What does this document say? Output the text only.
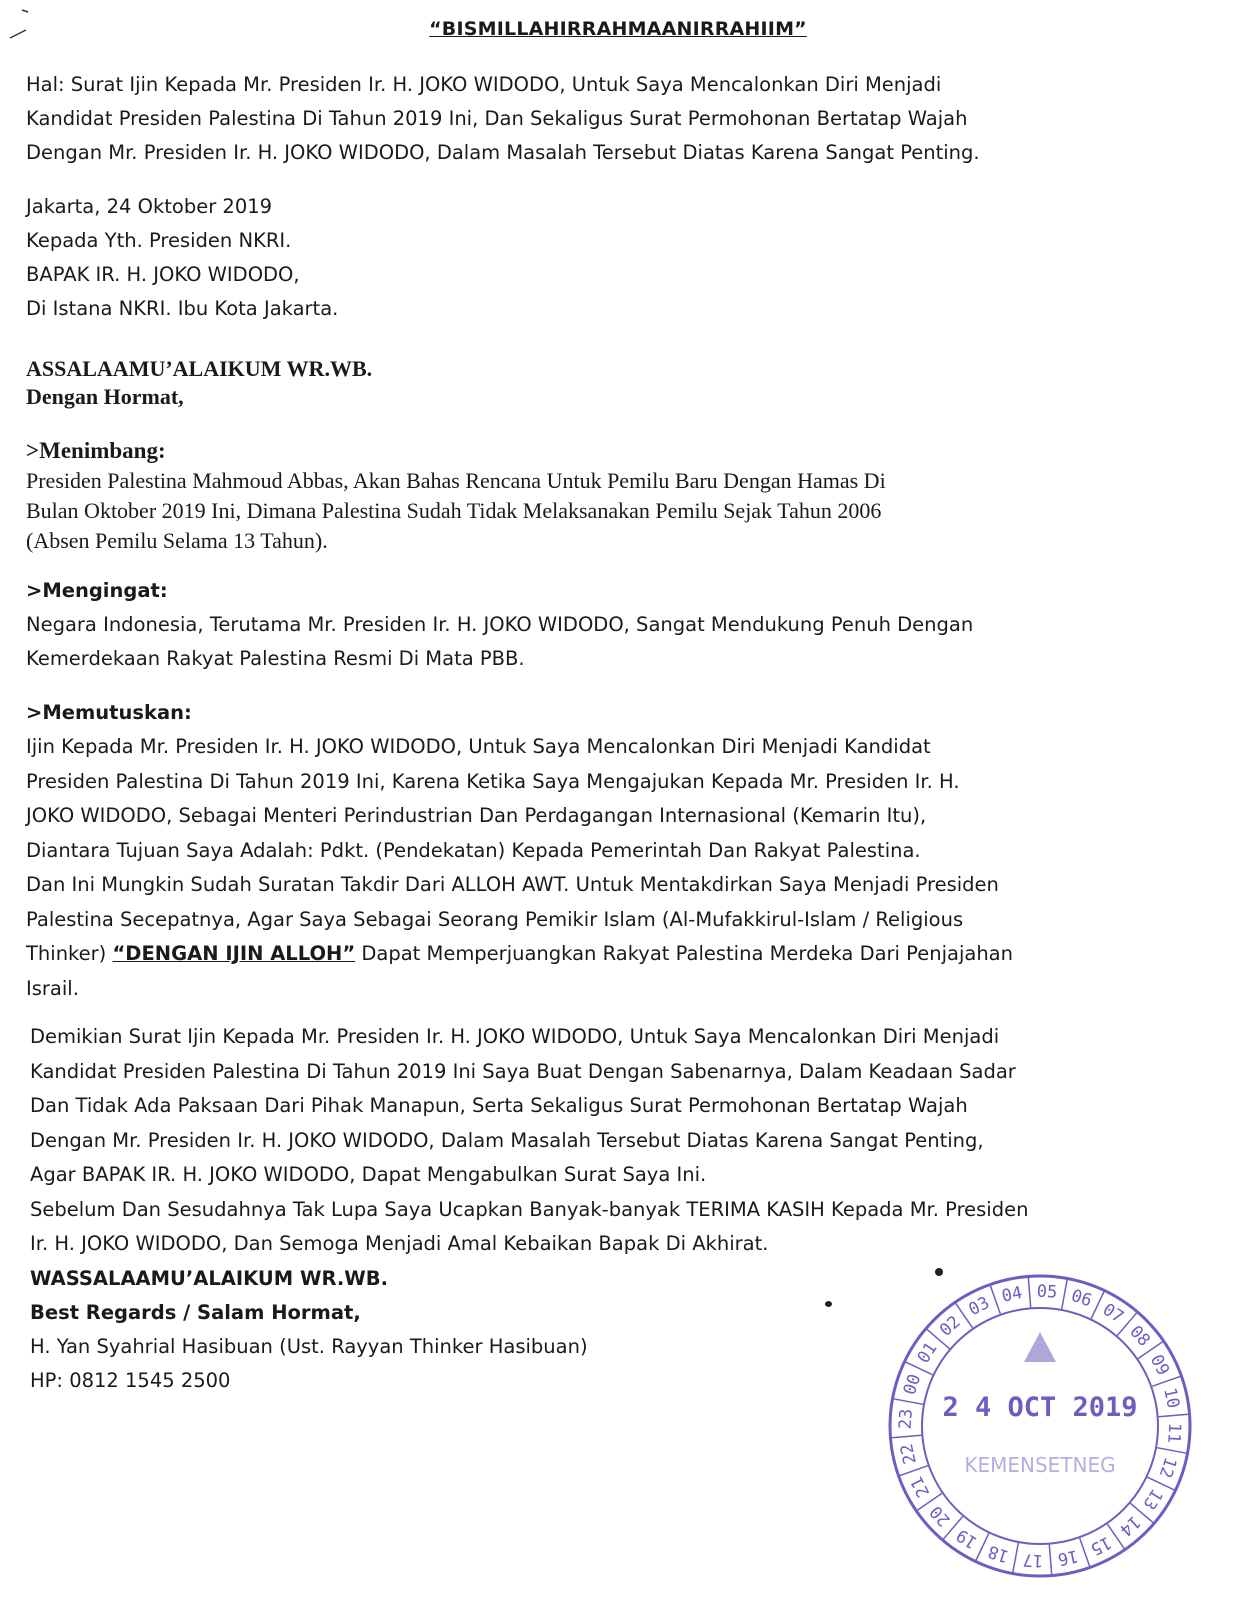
“BISMILLAHIRRAHMAANIRRAHIIM”
Hal: Surat Ijin Kepada Mr. Presiden Ir. H. JOKO WIDODO, Untuk Saya Mencalonkan Diri Menjadi
Kandidat Presiden Palestina Di Tahun 2019 Ini, Dan Sekaligus Surat Permohonan Bertatap Wajah
Dengan Mr. Presiden Ir. H. JOKO WIDODO, Dalam Masalah Tersebut Diatas Karena Sangat Penting.
Jakarta, 24 Oktober 2019
Kepada Yth. Presiden NKRI.
BAPAK IR. H. JOKO WIDODO,
Di Istana NKRI. Ibu Kota Jakarta.
ASSALAAMU’ALAIKUM WR.WB.
Dengan Hormat,
>Menimbang:
Presiden Palestina Mahmoud Abbas, Akan Bahas Rencana Untuk Pemilu Baru Dengan Hamas Di
Bulan Oktober 2019 Ini, Dimana Palestina Sudah Tidak Melaksanakan Pemilu Sejak Tahun 2006
(Absen Pemilu Selama 13 Tahun).
>Mengingat:
Negara Indonesia, Terutama Mr. Presiden Ir. H. JOKO WIDODO, Sangat Mendukung Penuh Dengan
Kemerdekaan Rakyat Palestina Resmi Di Mata PBB.
>Memutuskan:
Ijin Kepada Mr. Presiden Ir. H. JOKO WIDODO, Untuk Saya Mencalonkan Diri Menjadi Kandidat
Presiden Palestina Di Tahun 2019 Ini, Karena Ketika Saya Mengajukan Kepada Mr. Presiden Ir. H.
JOKO WIDODO, Sebagai Menteri Perindustrian Dan Perdagangan Internasional (Kemarin Itu),
Diantara Tujuan Saya Adalah: Pdkt. (Pendekatan) Kepada Pemerintah Dan Rakyat Palestina.
Dan Ini Mungkin Sudah Suratan Takdir Dari ALLOH AWT. Untuk Mentakdirkan Saya Menjadi Presiden
Palestina Secepatnya, Agar Saya Sebagai Seorang Pemikir Islam (Al-Mufakkirul-Islam / Religious
Thinker) “DENGAN IJIN ALLOH” Dapat Memperjuangkan Rakyat Palestina Merdeka Dari Penjajahan
Israil.
Demikian Surat Ijin Kepada Mr. Presiden Ir. H. JOKO WIDODO, Untuk Saya Mencalonkan Diri Menjadi
Kandidat Presiden Palestina Di Tahun 2019 Ini Saya Buat Dengan Sabenarnya, Dalam Keadaan Sadar
Dan Tidak Ada Paksaan Dari Pihak Manapun, Serta Sekaligus Surat Permohonan Bertatap Wajah
Dengan Mr. Presiden Ir. H. JOKO WIDODO, Dalam Masalah Tersebut Diatas Karena Sangat Penting,
Agar BAPAK IR. H. JOKO WIDODO, Dapat Mengabulkan Surat Saya Ini.
Sebelum Dan Sesudahnya Tak Lupa Saya Ucapkan Banyak-banyak TERIMA KASIH Kepada Mr. Presiden
Ir. H. JOKO WIDODO, Dan Semoga Menjadi Amal Kebaikan Bapak Di Akhirat.
WASSALAAMU’ALAIKUM WR.WB.
Best Regards / Salam Hormat,
H. Yan Syahrial Hasibuan (Ust. Rayyan Thinker Hasibuan)
HP: 0812 1545 2500	00
01
02
03 04 05 06
07
08
09
10
11
12
13
14
15
16
17
18
19
20
21
22
23 2 4 OCT 2019
KEMENSETNEG
